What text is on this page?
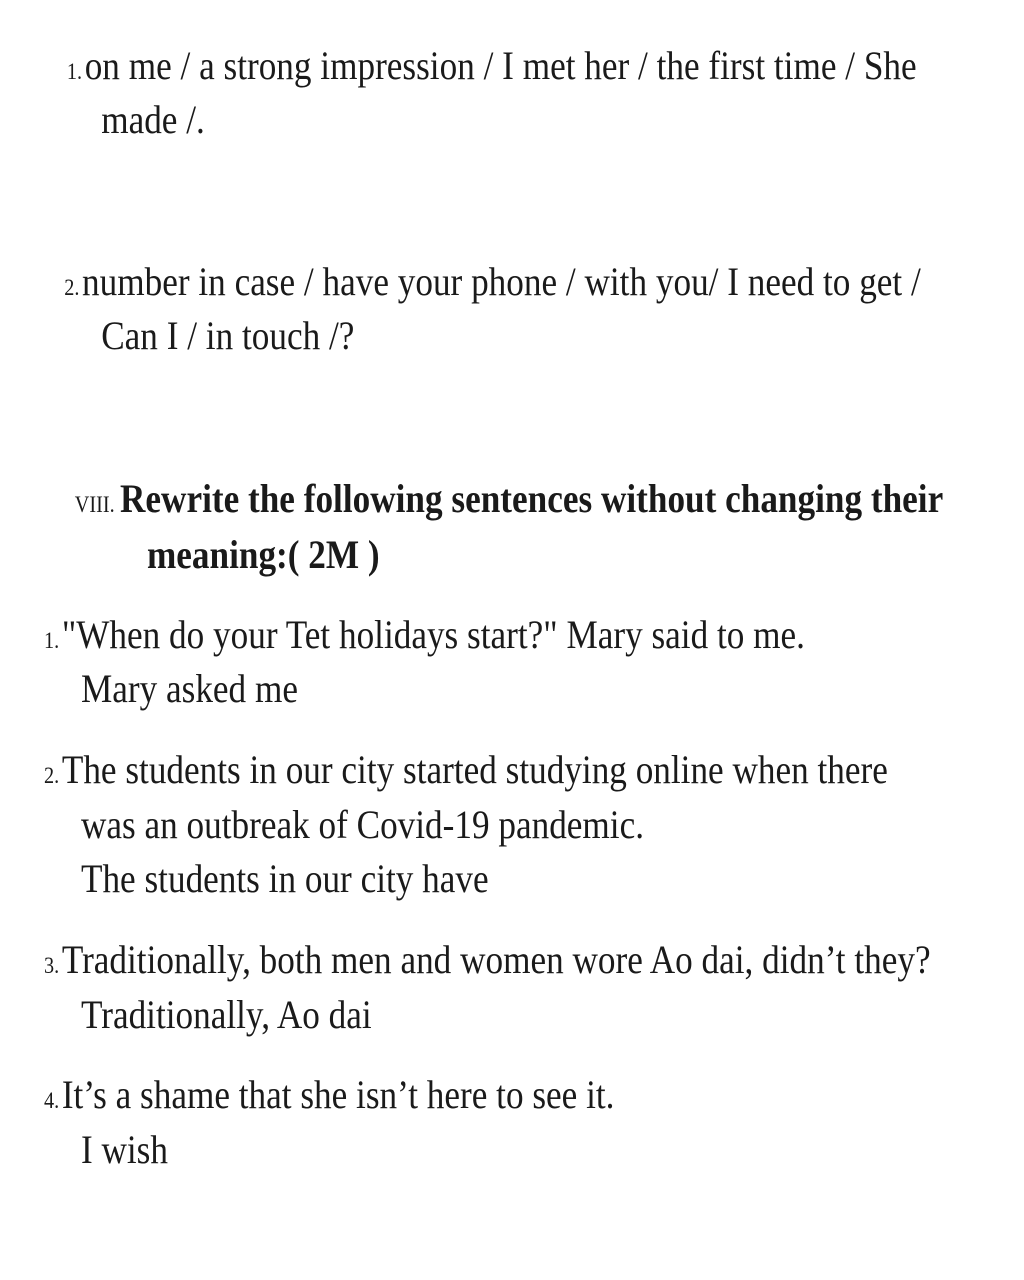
1.on me / a strong impression / I met her / the first time / She
made /.
2.number in case / have your phone / with you/ I need to get /
Can I / in touch /?
VIII. Rewrite the following sentences without changing their
meaning:( 2M )
1."When do your Tet holidays start?" Mary said to me.
Mary asked me
2.The students in our city started studying online when there
was an outbreak of Covid-19 pandemic.
The students in our city have
3.Traditionally, both men and women wore Ao dai, didn’t they?
Traditionally, Ao dai
4.It’s a shame that she isn’t here to see it.
I wish
